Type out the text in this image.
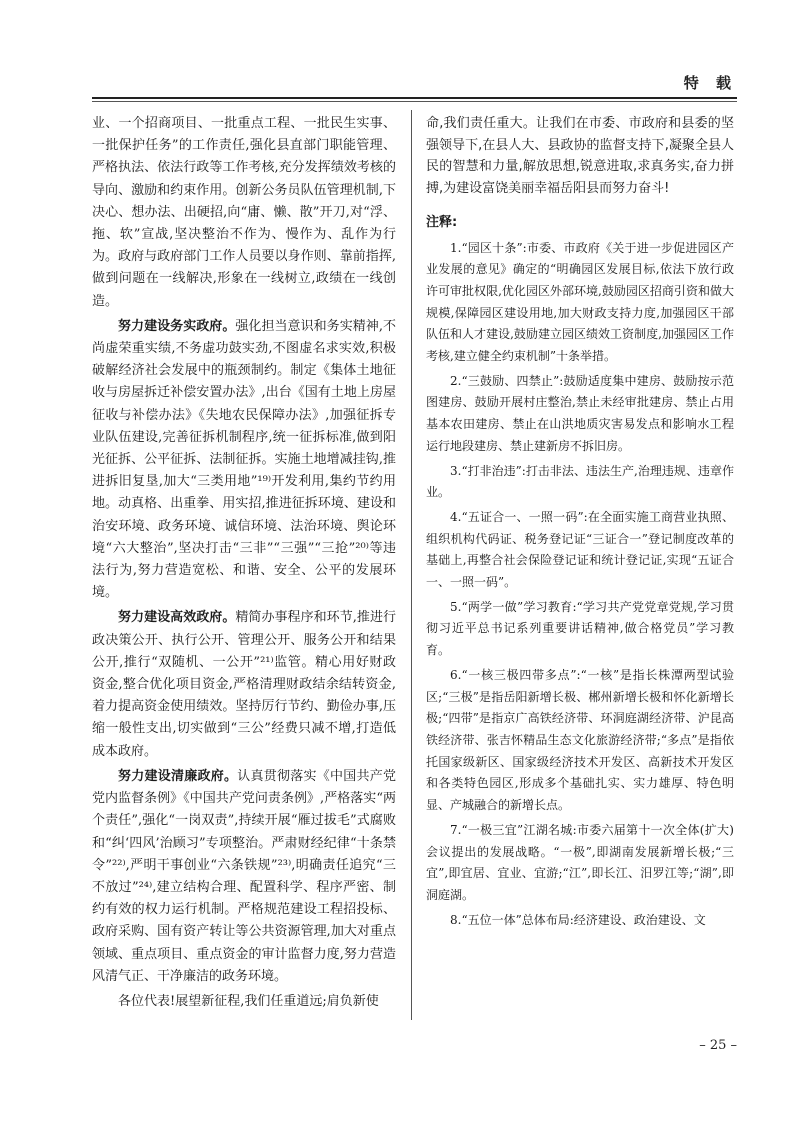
特 载

业、一个招商项目、一批重点工程、一批民生实事、一批保护任务”的工作责任,强化县直部门职能管理、严格执法、依法行政等工作考核,充分发挥绩效考核的导向、激励和约束作用。创新公务员队伍管理机制,下决心、想办法、出硬招,向“庸、懒、散”开刀,对“浮、拖、软”宣战,坚决整治不作为、慢作为、乱作为行为。政府与政府部门工作人员要以身作则、靠前指挥,做到问题在一线解决,形象在一线树立,政绩在一线创造。

努力建设务实政府。强化担当意识和务实精神,不尚虚荣重实绩,不务虚功鼓实劲,不图虚名求实效,积极破解经济社会发展中的瓶颈制约。制定《集体土地征收与房屋拆迁补偿安置办法》,出台《国有土地上房屋征收与补偿办法》《失地农民保障办法》,加强征拆专业队伍建设,完善征拆机制程序,统一征拆标准,做到阳光征拆、公平征拆、法制征拆。实施土地增减挂钩,推进拆旧复垦,加大“三类用地”¹⁹⁾开发利用,集约节约用地。动真格、出重拳、用实招,推进征拆环境、建设和治安环境、政务环境、诚信环境、法治环境、舆论环境“六大整治”,坚决打击“三非”“三强”“三抢”²⁰⁾等违法行为,努力营造宽松、和谐、安全、公平的发展环境。

努力建设高效政府。精简办事程序和环节,推进行政决策公开、执行公开、管理公开、服务公开和结果公开,推行“双随机、一公开”²¹⁾监管。精心用好财政资金,整合优化项目资金,严格清理财政结余结转资金,着力提高资金使用绩效。坚持厉行节约、勤俭办事,压缩一般性支出,切实做到“三公”经费只减不增,打造低成本政府。

努力建设清廉政府。认真贯彻落实《中国共产党党内监督条例》《中国共产党问责条例》,严格落实“两个责任”,强化“一岗双责”,持续开展“雁过拔毛”式腐败和“纠‘四风’治顾习”专项整治。严肃财经纪律“十条禁令”²²⁾,严明干事创业“六条铁规”²³⁾,明确责任追究“三不放过”²⁴⁾,建立结构合理、配置科学、程序严密、制约有效的权力运行机制。严格规范建设工程招投标、政府采购、国有资产转让等公共资源管理,加大对重点领域、重点项目、重点资金的审计监督力度,努力营造风清气正、干净廉洁的政务环境。

各位代表!展望新征程,我们任重道远;肩负新使

命,我们责任重大。让我们在市委、市政府和县委的坚强领导下,在县人大、县政协的监督支持下,凝聚全县人民的智慧和力量,解放思想,锐意进取,求真务实,奋力拼搏,为建设富饶美丽幸福岳阳县而努力奋斗!

注释:

1.“园区十条”:市委、市政府《关于进一步促进园区产业发展的意见》确定的“明确园区发展目标,依法下放行政许可审批权限,优化园区外部环境,鼓励园区招商引资和做大规模,保障园区建设用地,加大财政支持力度,加强园区干部队伍和人才建设,鼓励建立园区绩效工资制度,加强园区工作考核,建立健全约束机制”十条举措。

2.“三鼓励、四禁止”:鼓励适度集中建房、鼓励按示范图建房、鼓励开展村庄整治,禁止未经审批建房、禁止占用基本农田建房、禁止在山洪地质灾害易发点和影响水工程运行地段建房、禁止建新房不拆旧房。

3.“打非治违”:打击非法、违法生产,治理违规、违章作业。

4.“五证合一、一照一码”:在全面实施工商营业执照、组织机构代码证、税务登记证“三证合一”登记制度改革的基础上,再整合社会保险登记证和统计登记证,实现“五证合一、一照一码”。

5.“两学一做”学习教育:“学习共产党党章党规,学习贯彻习近平总书记系列重要讲话精神,做合格党员”学习教育。

6.“一核三极四带多点”:“一核”是指长株潭两型试验区;“三极”是指岳阳新增长极、郴州新增长极和怀化新增长极;“四带”是指京广高铁经济带、环洞庭湖经济带、沪昆高铁经济带、张吉怀精品生态文化旅游经济带;“多点”是指依托国家级新区、国家级经济技术开发区、高新技术开发区和各类特色园区,形成多个基础扎实、实力雄厚、特色明显、产城融合的新增长点。

7.“一极三宜”江湖名城:市委六届第十一次全体(扩大)会议提出的发展战略。“一极”,即湖南发展新增长极;“三宜”,即宜居、宜业、宜游;“江”,即长江、汨罗江等;“湖”,即洞庭湖。

8.“五位一体”总体布局:经济建设、政治建设、文

– 25 –
